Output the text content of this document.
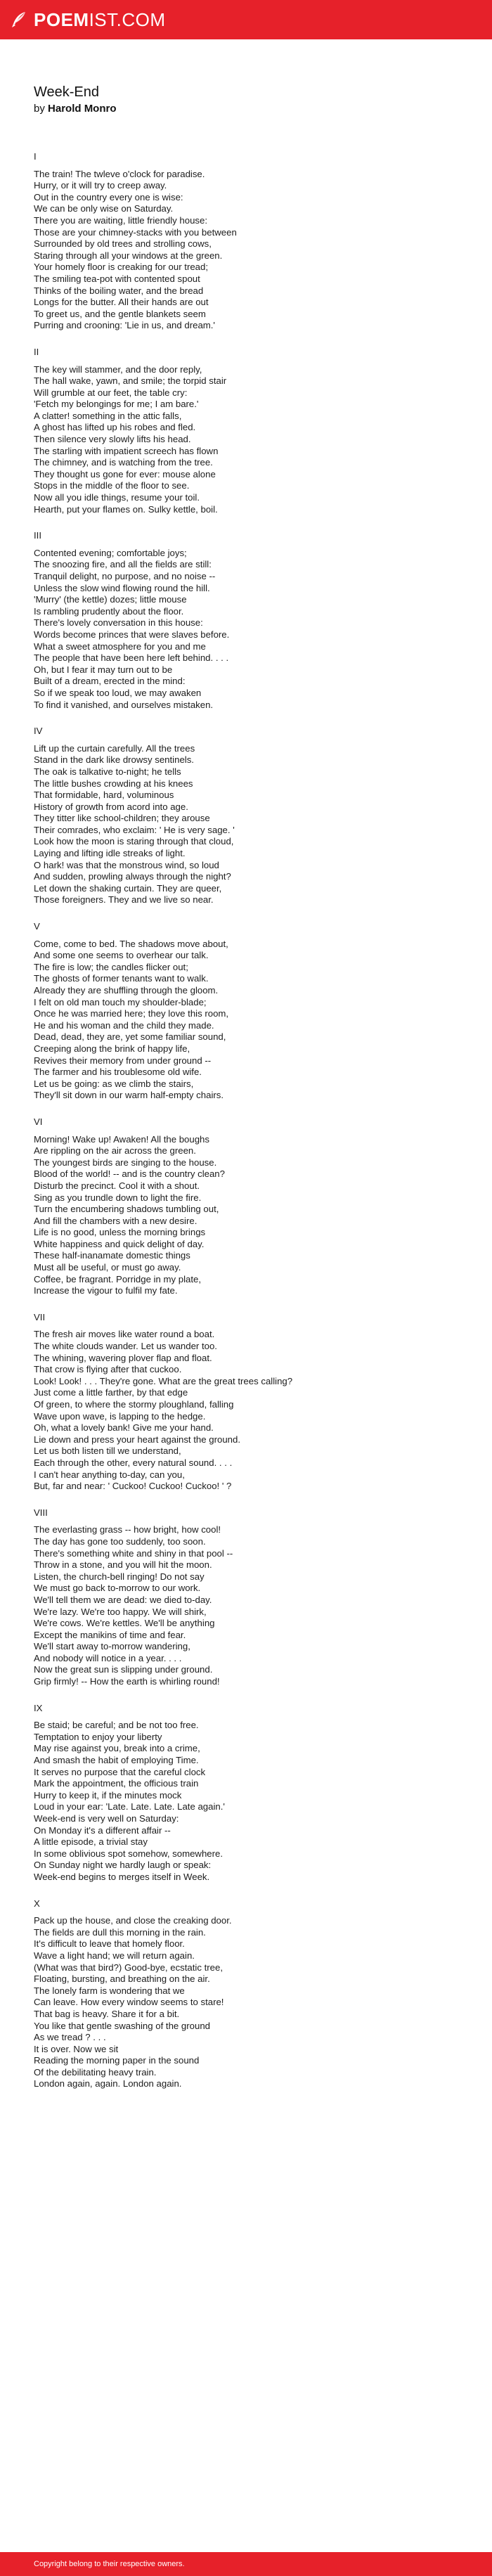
POEMIST.COM
Week-End
by Harold Monro
I
The train! The twleve o'clock for paradise.
Hurry, or it will try to creep away.
Out in the country every one is wise:
We can be only wise on Saturday.
There you are waiting, little friendly house:
Those are your chimney-stacks with you between
Surrounded by old trees and strolling cows,
Staring through all your windows at the green.
Your homely floor is creaking for our tread;
The smiling tea-pot with contented spout
Thinks of the boiling water, and the bread
Longs for the butter. All their hands are out
To greet us, and the gentle blankets seem
Purring and crooning: 'Lie in us, and dream.'
II
The key will stammer, and the door reply,
The hall wake, yawn, and smile; the torpid stair
Will grumble at our feet, the table cry:
'Fetch my belongings for me; I am bare.'
A clatter! something in the attic falls,
A ghost has lifted up his robes and fled.
Then silence very slowly lifts his head.
The starling with impatient screech has flown
The chimney, and is watching from the tree.
They thought us gone for ever: mouse alone
Stops in the middle of the floor to see.
Now all you idle things, resume your toil.
Hearth, put your flames on. Sulky kettle, boil.
III
Contented evening; comfortable joys;
The snoozing fire, and all the fields are still:
Tranquil delight, no purpose, and no noise --
Unless the slow wind flowing round the hill.
'Murry' (the kettle) dozes; little mouse
Is rambling prudently about the floor.
There's lovely conversation in this house:
Words become princes that were slaves before.
What a sweet atmosphere for you and me
The people that have been here left behind. . . .
Oh, but I fear it may turn out to be
Built of a dream, erected in the mind:
So if we speak too loud, we may awaken
To find it vanished, and ourselves mistaken.
IV
Lift up the curtain carefully. All the trees
Stand in the dark like drowsy sentinels.
The oak is talkative to-night; he tells
The little bushes crowding at his knees
That formidable, hard, voluminous
History of growth from acord into age.
They titter like school-children; they arouse
Their comrades, who exclaim: ' He is very sage. '
Look how the moon is staring through that cloud,
Laying and lifting idle streaks of light.
O hark! was that the monstrous wind, so loud
And sudden, prowling always through the night?
Let down the shaking curtain. They are queer,
Those foreigners. They and we live so near.
V
Come, come to bed. The shadows move about,
And some one seems to overhear our talk.
The fire is low; the candles flicker out;
The ghosts of former tenants want to walk.
Already they are shuffling through the gloom.
I felt on old man touch my shoulder-blade;
Once he was married here; they love this room,
He and his woman and the child they made.
Dead, dead, they are, yet some familiar sound,
Creeping along the brink of happy life,
Revives their memory from under ground --
The farmer and his troublesome old wife.
Let us be going: as we climb the stairs,
They'll sit down in our warm half-empty chairs.
VI
Morning! Wake up! Awaken! All the boughs
Are rippling on the air across the green.
The youngest birds are singing to the house.
Blood of the world! -- and is the country clean?
Disturb the precinct. Cool it with a shout.
Sing as you trundle down to light the fire.
Turn the encumbering shadows tumbling out,
And fill the chambers with a new desire.
Life is no good, unless the morning brings
White happiness and quick delight of day.
These half-inanamate domestic things
Must all be useful, or must go away.
Coffee, be fragrant. Porridge in my plate,
Increase the vigour to fulfil my fate.
VII
The fresh air moves like water round a boat.
The white clouds wander. Let us wander too.
The whining, wavering plover flap and float.
That crow is flying after that cuckoo.
Look! Look! . . . They're gone. What are the great trees calling?
Just come a little farther, by that edge
Of green, to where the stormy ploughland, falling
Wave upon wave, is lapping to the hedge.
Oh, what a lovely bank! Give me your hand.
Lie down and press your heart against the ground.
Let us both listen till we understand,
Each through the other, every natural sound. . . .
I can't hear anything to-day, can you,
But, far and near: ' Cuckoo! Cuckoo! Cuckoo! ' ?
VIII
The everlasting grass -- how bright, how cool!
The day has gone too suddenly, too soon.
There's something white and shiny in that pool --
Throw in a stone, and you will hit the moon.
Listen, the church-bell ringing! Do not say
We must go back to-morrow to our work.
We'll tell them we are dead: we died to-day.
We're lazy. We're too happy. We will shirk,
We're cows. We're kettles. We'll be anything
Except the manikins of time and fear.
We'll start away to-morrow wandering,
And nobody will notice in a year. . . .
Now the great sun is slipping under ground.
Grip firmly! -- How the earth is whirling round!
IX
Be staid; be careful; and be not too free.
Temptation to enjoy your liberty
May rise against you, break into a crime,
And smash the habit of employing Time.
It serves no purpose that the careful clock
Mark the appointment, the officious train
Hurry to keep it, if the minutes mock
Loud in your ear: 'Late. Late. Late. Late again.'
Week-end is very well on Saturday:
On Monday it's a different affair --
A little episode, a trivial stay
In some oblivious spot somehow, somewhere.
On Sunday night we hardly laugh or speak:
Week-end begins to merges itself in Week.
X
Pack up the house, and close the creaking door.
The fields are dull this morning in the rain.
It's difficult to leave that homely floor.
Wave a light hand; we will return again.
(What was that bird?) Good-bye, ecstatic tree,
Floating, bursting, and breathing on the air.
The lonely farm is wondering that we
Can leave. How every window seems to stare!
That bag is heavy. Share it for a bit.
You like that gentle swashing of the ground
As we tread ? . . .
It is over. Now we sit
Reading the morning paper in the sound
Of the debilitating heavy train.
London again, again. London again.
Copyright belong to their respective owners.
